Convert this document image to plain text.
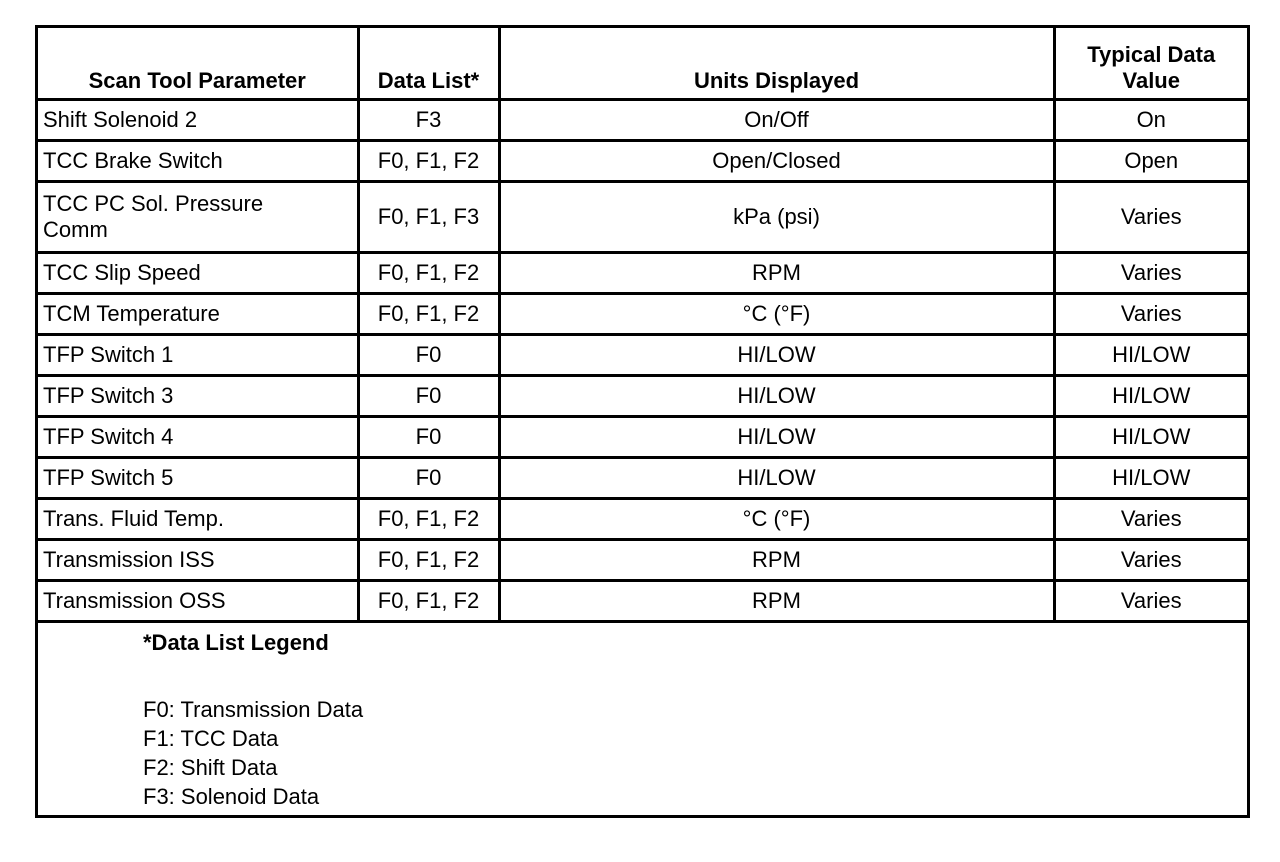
Scan Tool Parameter	Data List*	Units Displayed	Typical Data
Value
Shift Solenoid 2	F3	On/Off	On
TCC Brake Switch	F0, F1, F2	Open/Closed	Open
TCC PC Sol. Pressure
Comm	F0, F1, F3	kPa (psi)	Varies
TCC Slip Speed	F0, F1, F2	RPM	Varies
TCM Temperature	F0, F1, F2	°C (°F)	Varies
TFP Switch 1	F0	HI/LOW	HI/LOW
TFP Switch 3	F0	HI/LOW	HI/LOW
TFP Switch 4	F0	HI/LOW	HI/LOW
TFP Switch 5	F0	HI/LOW	HI/LOW
Trans. Fluid Temp.	F0, F1, F2	°C (°F)	Varies
Transmission ISS	F0, F1, F2	RPM	Varies
Transmission OSS	F0, F1, F2	RPM	Varies
*Data List Legend
F0: Transmission Data
F1: TCC Data
F2: Shift Data
F3: Solenoid Data
